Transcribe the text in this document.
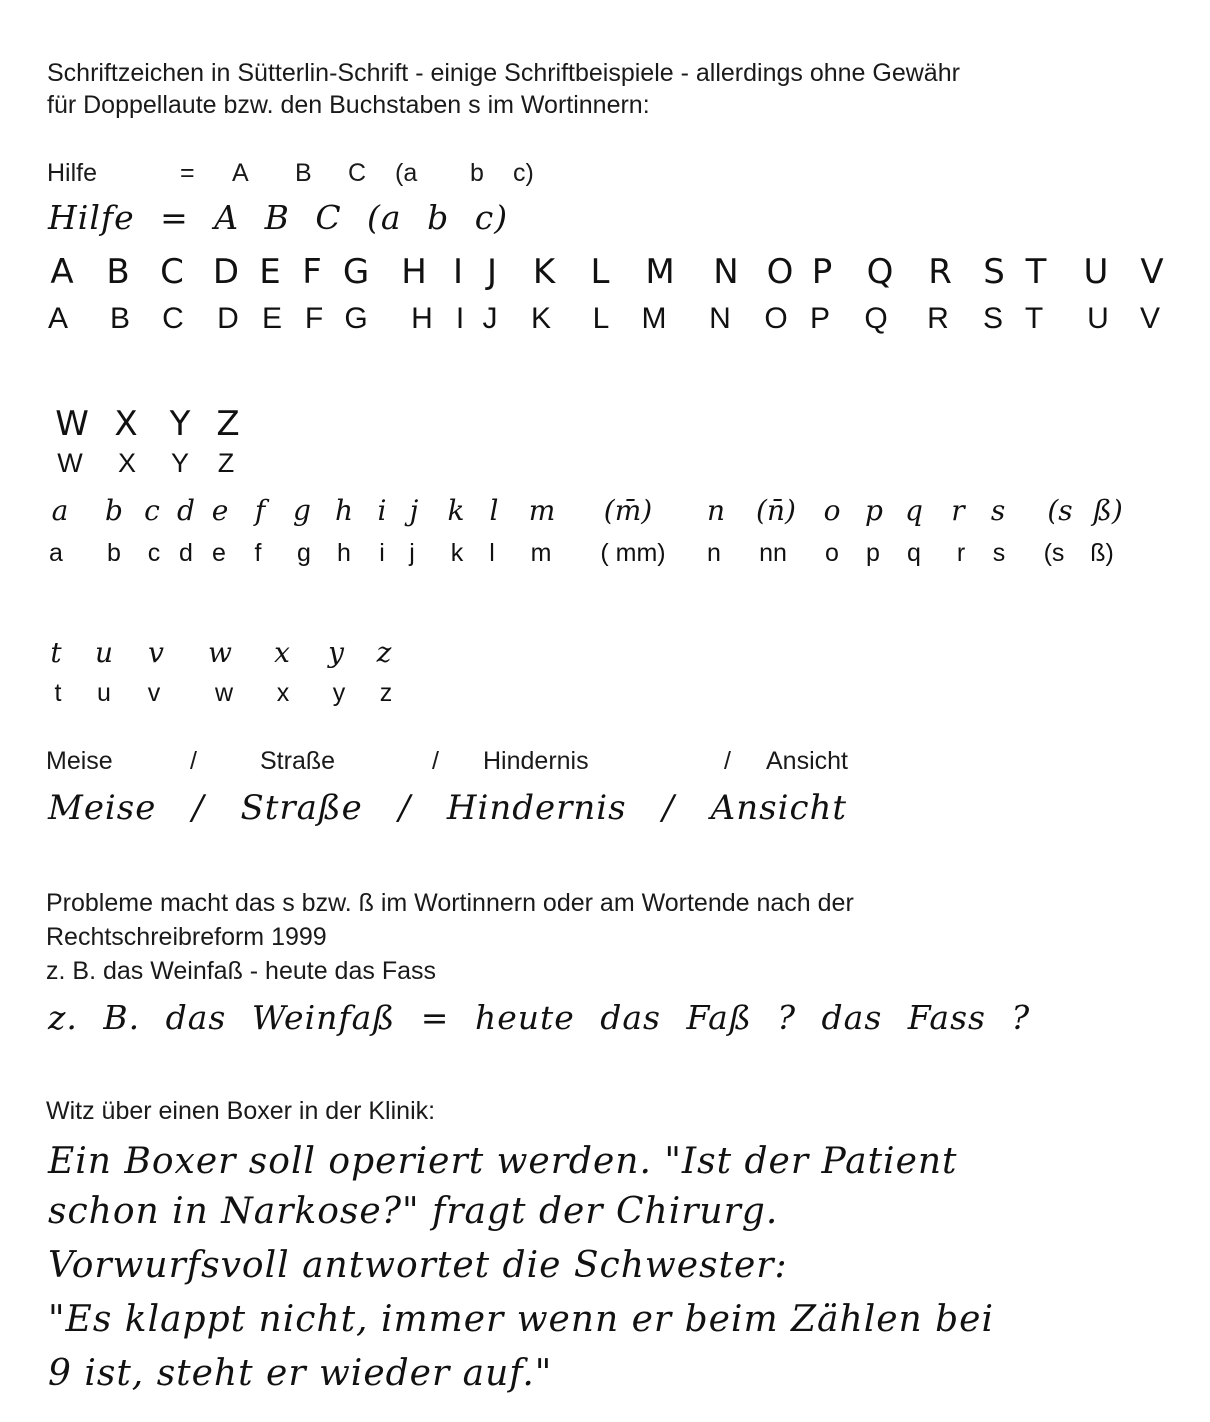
Schriftzeichen in Sütterlin-Schrift - einige Schriftbeispiele - allerdings ohne Gewähr
für Doppellaute bzw. den Buchstaben s im Wortinnern:
Hilfe	= A B C (a b c)
Hilfe = A B C (a b c)
A B C D E F G H I J	K	L	M N O P	Q R S T	U V
A	B	C	D E F G	H I J	K	L	M	N	O P	Q	R	S T	U	V
W X Y Z
W	X	Y	Z
a	b c d e f g h i j	k l	m	(m̄)	n	(n̄) o p q	r s	(s ß)
a	b	c d e	f	g	h	i j	k	l	m	( mm)	n	nn	o	p	q	r	s	(s	ß)
t	u	v	w	x	y	z
t	u	v	w	x	y	z
Meise	/	Straße	/ Hindernis	/ Ansicht
Meise / Straße / Hindernis / Ansicht
Probleme macht das s bzw. ß im Wortinnern oder am Wortende nach der
Rechtschreibreform 1999
z. B. das Weinfaß - heute das Fass
z. B. das Weinfaß = heute das Faß ? das Fass ?
Witz über einen Boxer in der Klinik:
Ein Boxer soll operiert werden. "Ist der Patient
schon in Narkose?" fragt der Chirurg.
Vorwurfsvoll antwortet die Schwester:
"Es klappt nicht, immer wenn er beim Zählen bei
9 ist, steht er wieder auf."
